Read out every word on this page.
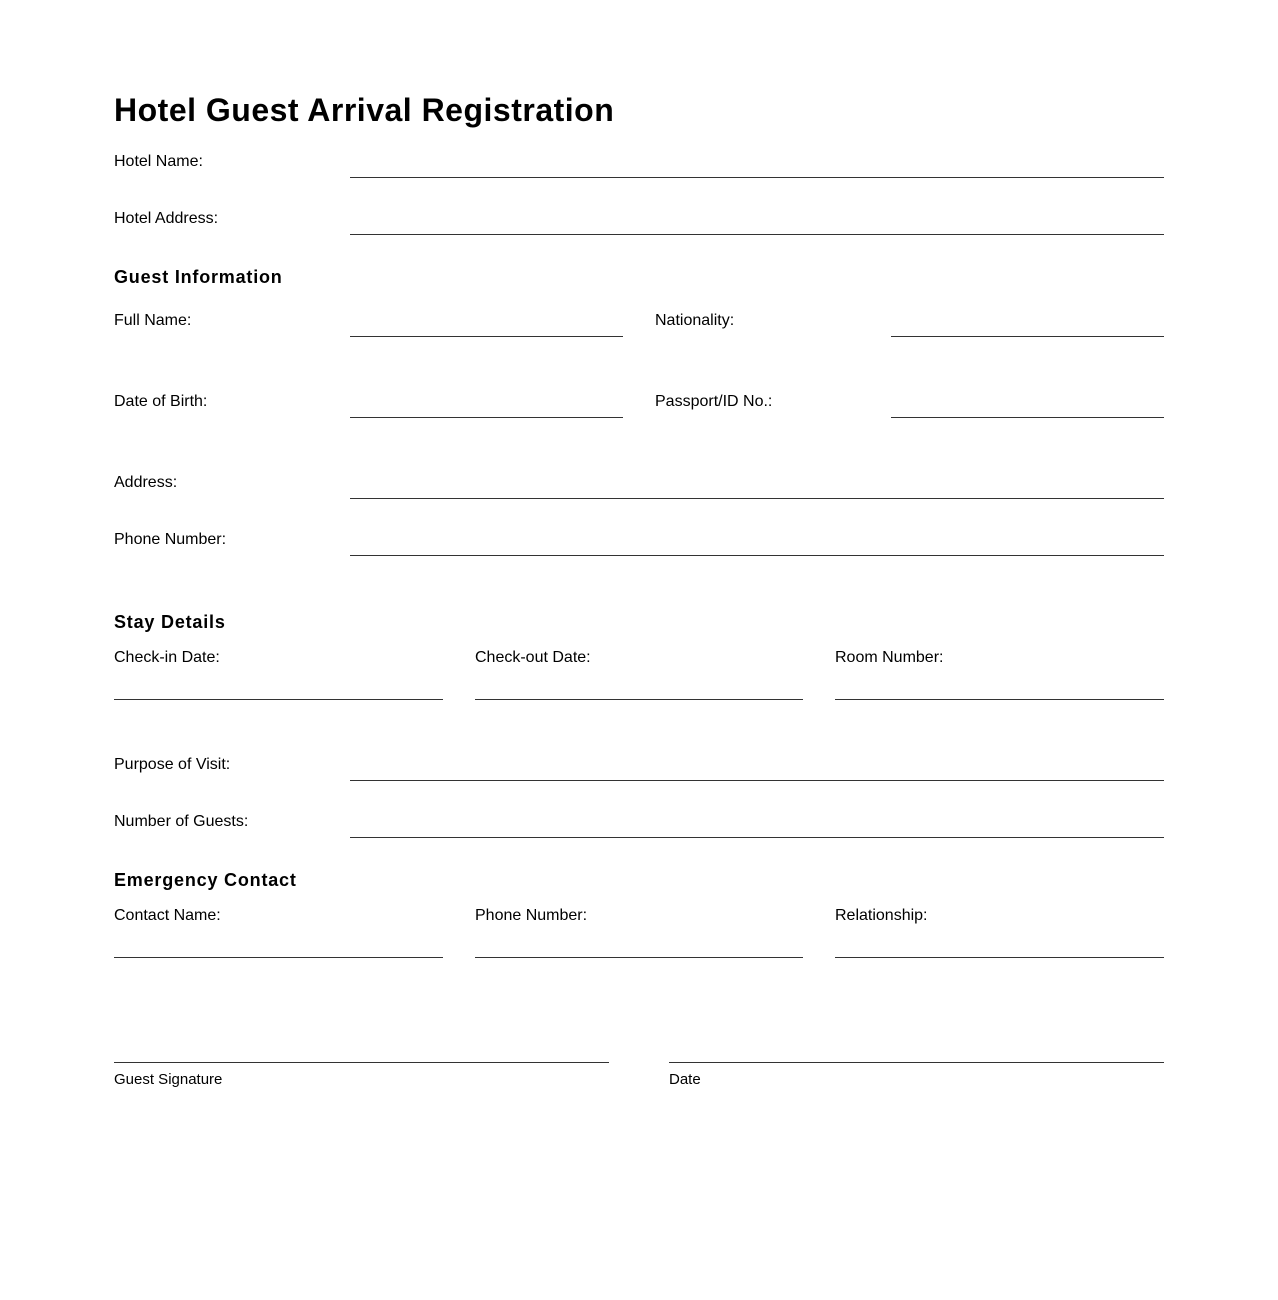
Hotel Guest Arrival Registration
Hotel Name:
Hotel Address:
Guest Information
Full Name:	Nationality:
Date of Birth:	Passport/ID No.:
Address:
Phone Number:
Stay Details
Check-in Date:	Check-out Date:	Room Number:
Purpose of Visit:
Number of Guests:
Emergency Contact
Contact Name:	Phone Number:	Relationship:
Guest Signature	Date
